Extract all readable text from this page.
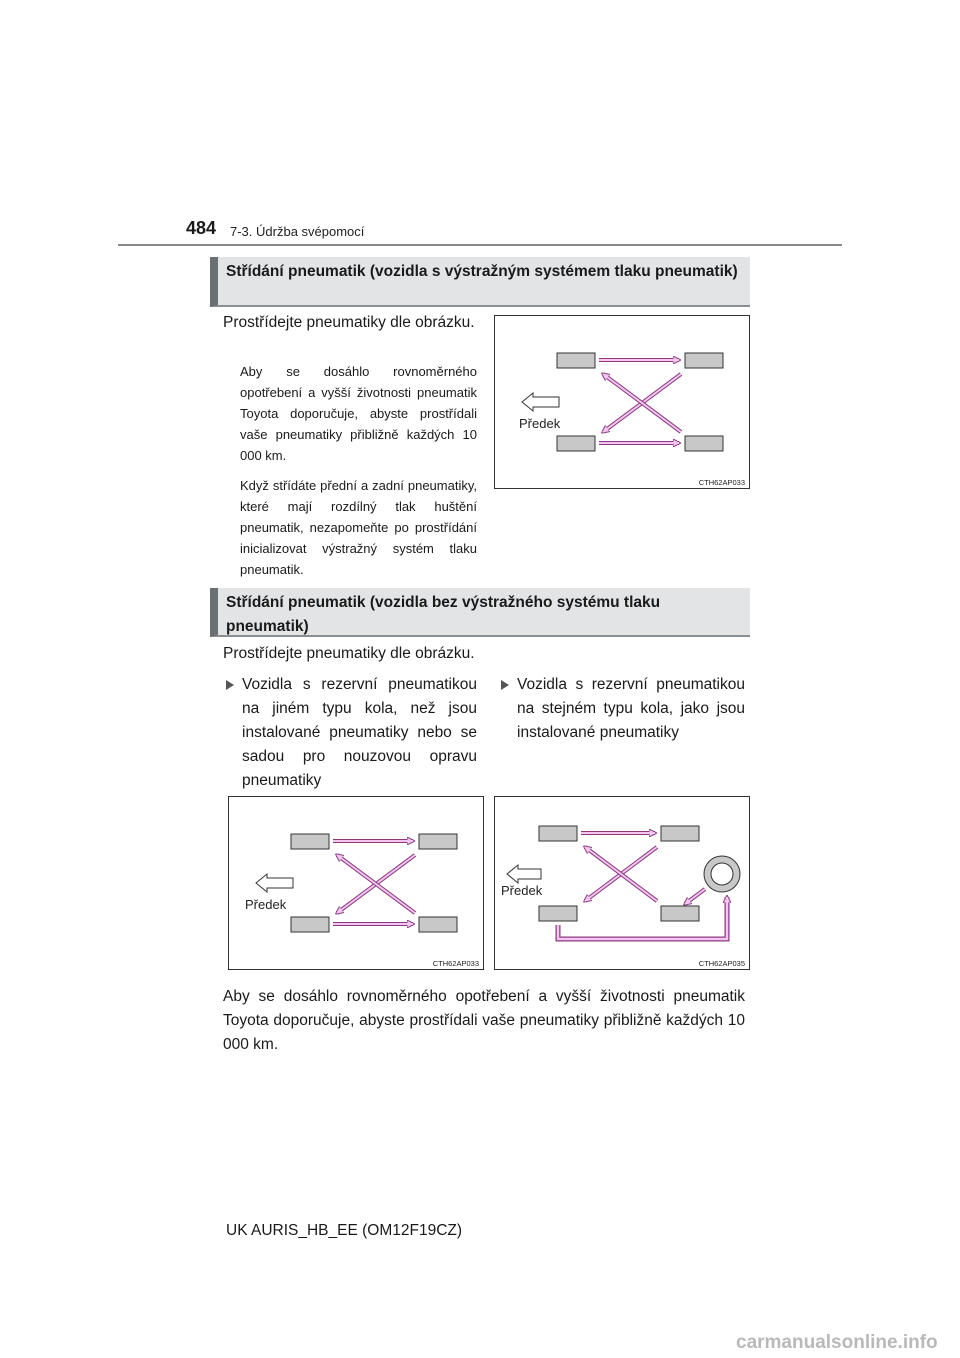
484 7-3. Údržba svépomocí
Střídání pneumatik (vozidla s výstražným systémem tlaku pneumatik)
Prostřídejte pneumatiky dle obrázku.
Aby se dosáhlo rovnoměrného opotřebení a vyšší životnosti pneumatik Toyota doporučuje, abyste prostřídali vaše pneumatiky přibližně každých 10 000 km.
Když střídáte přední a zadní pneumatiky, které mají rozdílný tlak huštění pneumatik, nezapomeňte po prostřídání inicializovat výstražný systém tlaku pneumatik.
Předek
CTH62AP033
Střídání pneumatik (vozidla bez výstražného systému tlaku pneumatik)
Prostřídejte pneumatiky dle obrázku.
Vozidla s rezervní pneumatikou na jiném typu kola, než jsou instalované pneumatiky nebo se sadou pro nouzovou opravu pneumatiky
Vozidla s rezervní pneumatikou na stejném typu kola, jako jsou instalované pneumatiky
Předek
CTH62AP033
Předek
CTH62AP035
Aby se dosáhlo rovnoměrného opotřebení a vyšší životnosti pneumatik Toyota doporučuje, abyste prostřídali vaše pneumatiky přibližně každých 10 000 km.
UK AURIS_HB_EE (OM12F19CZ)
carmanualsonline.info
